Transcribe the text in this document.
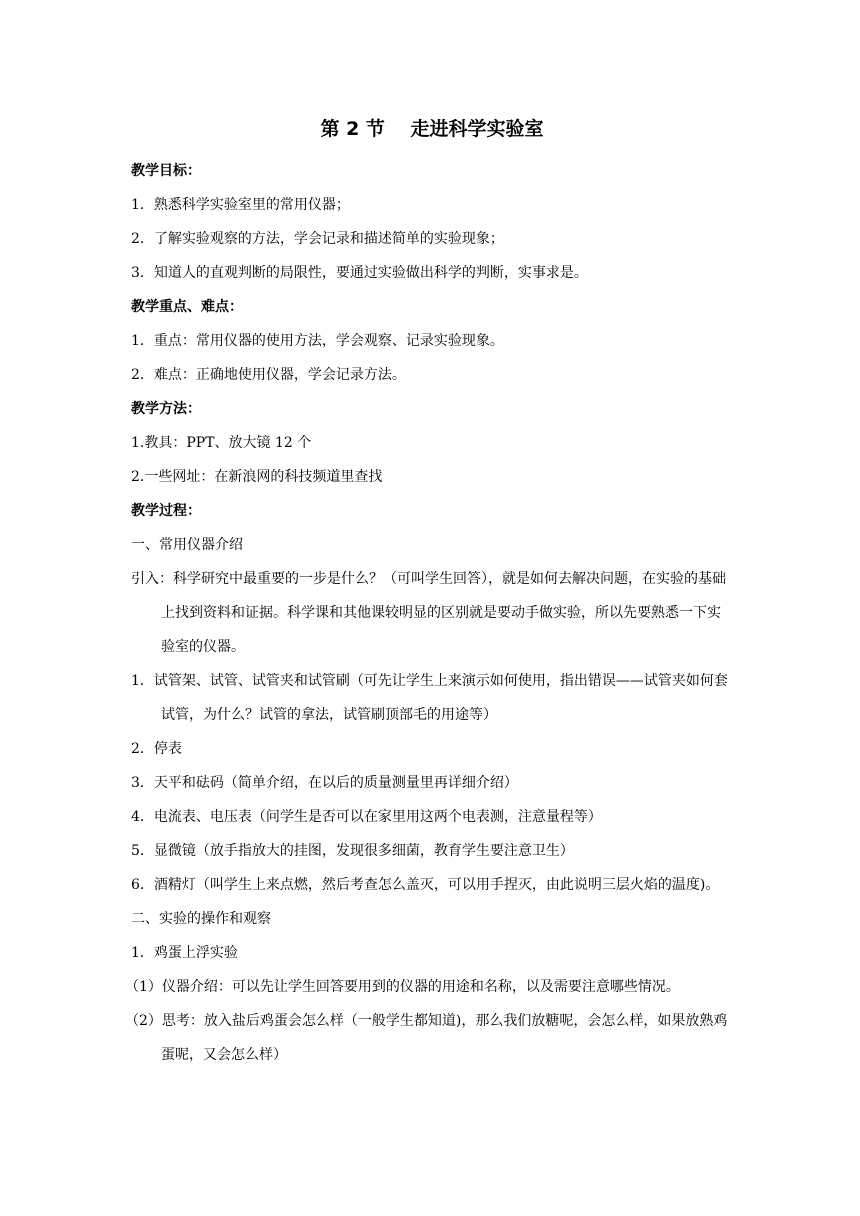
第 2 节　 走进科学实验室
教学目标：
1．熟悉科学实验室里的常用仪器；
2．了解实验观察的方法，学会记录和描述简单的实验现象；
3．知道人的直观判断的局限性，要通过实验做出科学的判断，实事求是。
教学重点、难点：
1．重点：常用仪器的使用方法，学会观察、记录实验现象。
2．难点：正确地使用仪器，学会记录方法。
教学方法：
1.教具：PPT、放大镜 12 个
2.一些网址：在新浪网的科技频道里查找
教学过程：
一、常用仪器介绍
引入：科学研究中最重要的一步是什么？（可叫学生回答），就是如何去解决问题，在实验的基础上找到资料和证据。科学课和其他课较明显的区别就是要动手做实验，所以先要熟悉一下实验室的仪器。
1．试管架、试管、试管夹和试管刷（可先让学生上来演示如何使用，指出错误——试管夹如何套试管，为什么？试管的拿法，试管刷顶部毛的用途等）
2．停表
3．天平和砝码（简单介绍，在以后的质量测量里再详细介绍）
4．电流表、电压表（问学生是否可以在家里用这两个电表测，注意量程等）
5．显微镜（放手指放大的挂图，发现很多细菌，教育学生要注意卫生）
6．酒精灯（叫学生上来点燃，然后考查怎么盖灭，可以用手捏灭，由此说明三层火焰的温度)。
二、实验的操作和观察
1．鸡蛋上浮实验
（1）仪器介绍：可以先让学生回答要用到的仪器的用途和名称，以及需要注意哪些情况。
（2）思考：放入盐后鸡蛋会怎么样（一般学生都知道)，那么我们放糖呢，会怎么样，如果放熟鸡蛋呢，又会怎么样）
